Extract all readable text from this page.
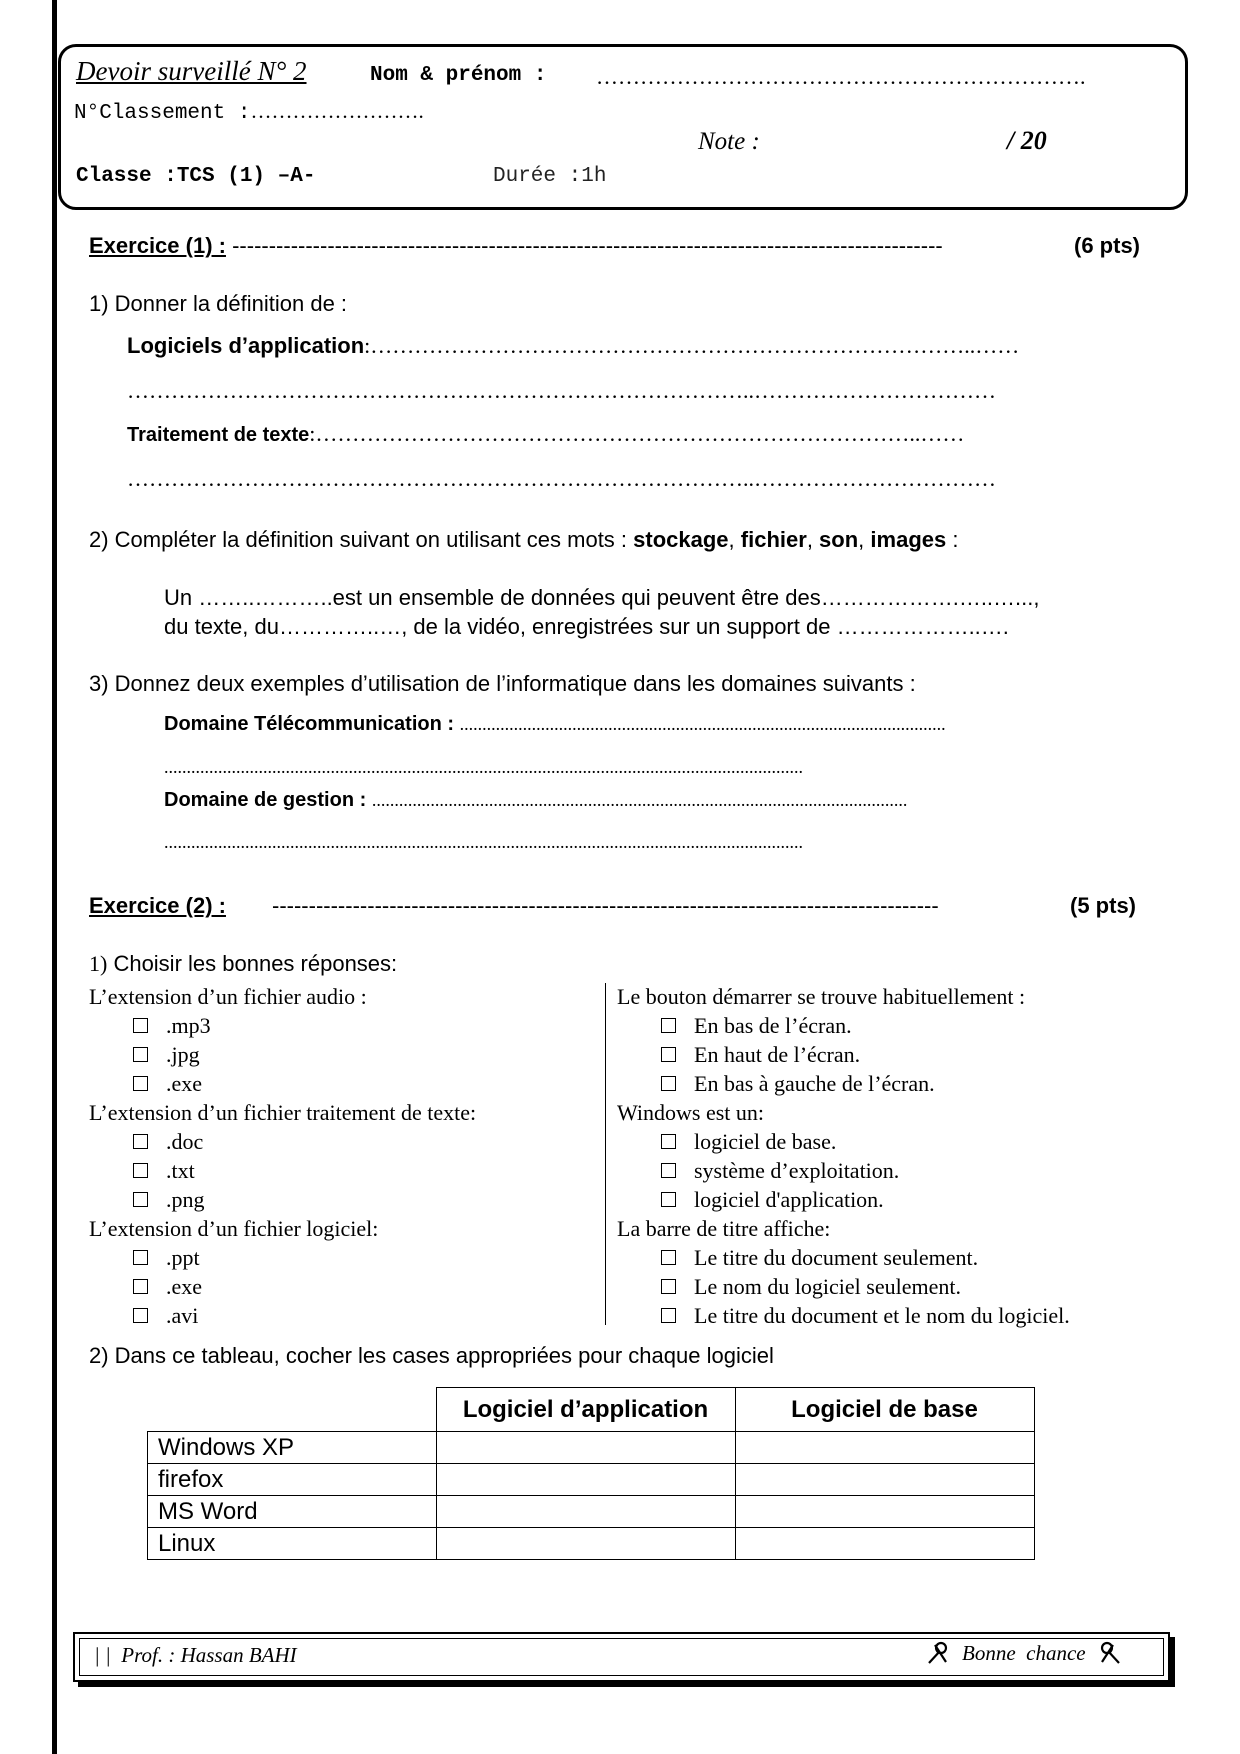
Devoir surveillé N° 2	Nom & prénom : ………………………………………………………….
N°Classement :…………………….
Note :	/ 20
Classe :TCS (1) –A-	Durée :1h
Exercice (1) : -------------------------------------------------------------------------------------------------	(6 pts)
1) Donner la définition de :
Logiciels d’application:………………………………………………………………………..……
…………………………………………………………………………..……………………………
Traitement de texte:………………………………………………………………………..……
…………………………………………………………………………..……………………………
2) Compléter la définition suivant on utilisant ces mots : stockage, fichier, son, images :
Un ……..………..est un ensemble de données qui peuvent être des……………….…..…...,
du texte, du…………..…, de la vidéo, enregistrées sur un support de ………………..….
3) Donnez deux exemples d’utilisation de l’informatique dans les domaines suivants :
Domaine Télécommunication : ............................................................................................................
..............................................................................................................................................
Domaine de gestion : .......................................................................................................................
..............................................................................................................................................
Exercice (2) : -------------------------------------------------------------------------------------------	(5 pts)
1) Choisir les bonnes réponses:
L’extension d’un fichier audio :
.mp3
.jpg
.exe
L’extension d’un fichier traitement de texte:
.doc
.txt
.png
L’extension d’un fichier logiciel:
.ppt
.exe
.avi
Le bouton démarrer se trouve habituellement :
En bas de l’écran.
En haut de l’écran.
En bas à gauche de l’écran.
Windows est un:
logiciel de base.
système d’exploitation.
logiciel d'application.
La barre de titre affiche:
Le titre du document seulement.
Le nom du logiciel seulement.
Le titre du document et le nom du logiciel.
2) Dans ce tableau, cocher les cases appropriées pour chaque logiciel
	Logiciel d’application	Logiciel de base
Windows XP		
firefox		
MS Word		
Linux		
| |  Prof. : Hassan BAHI	Bonne  chance
